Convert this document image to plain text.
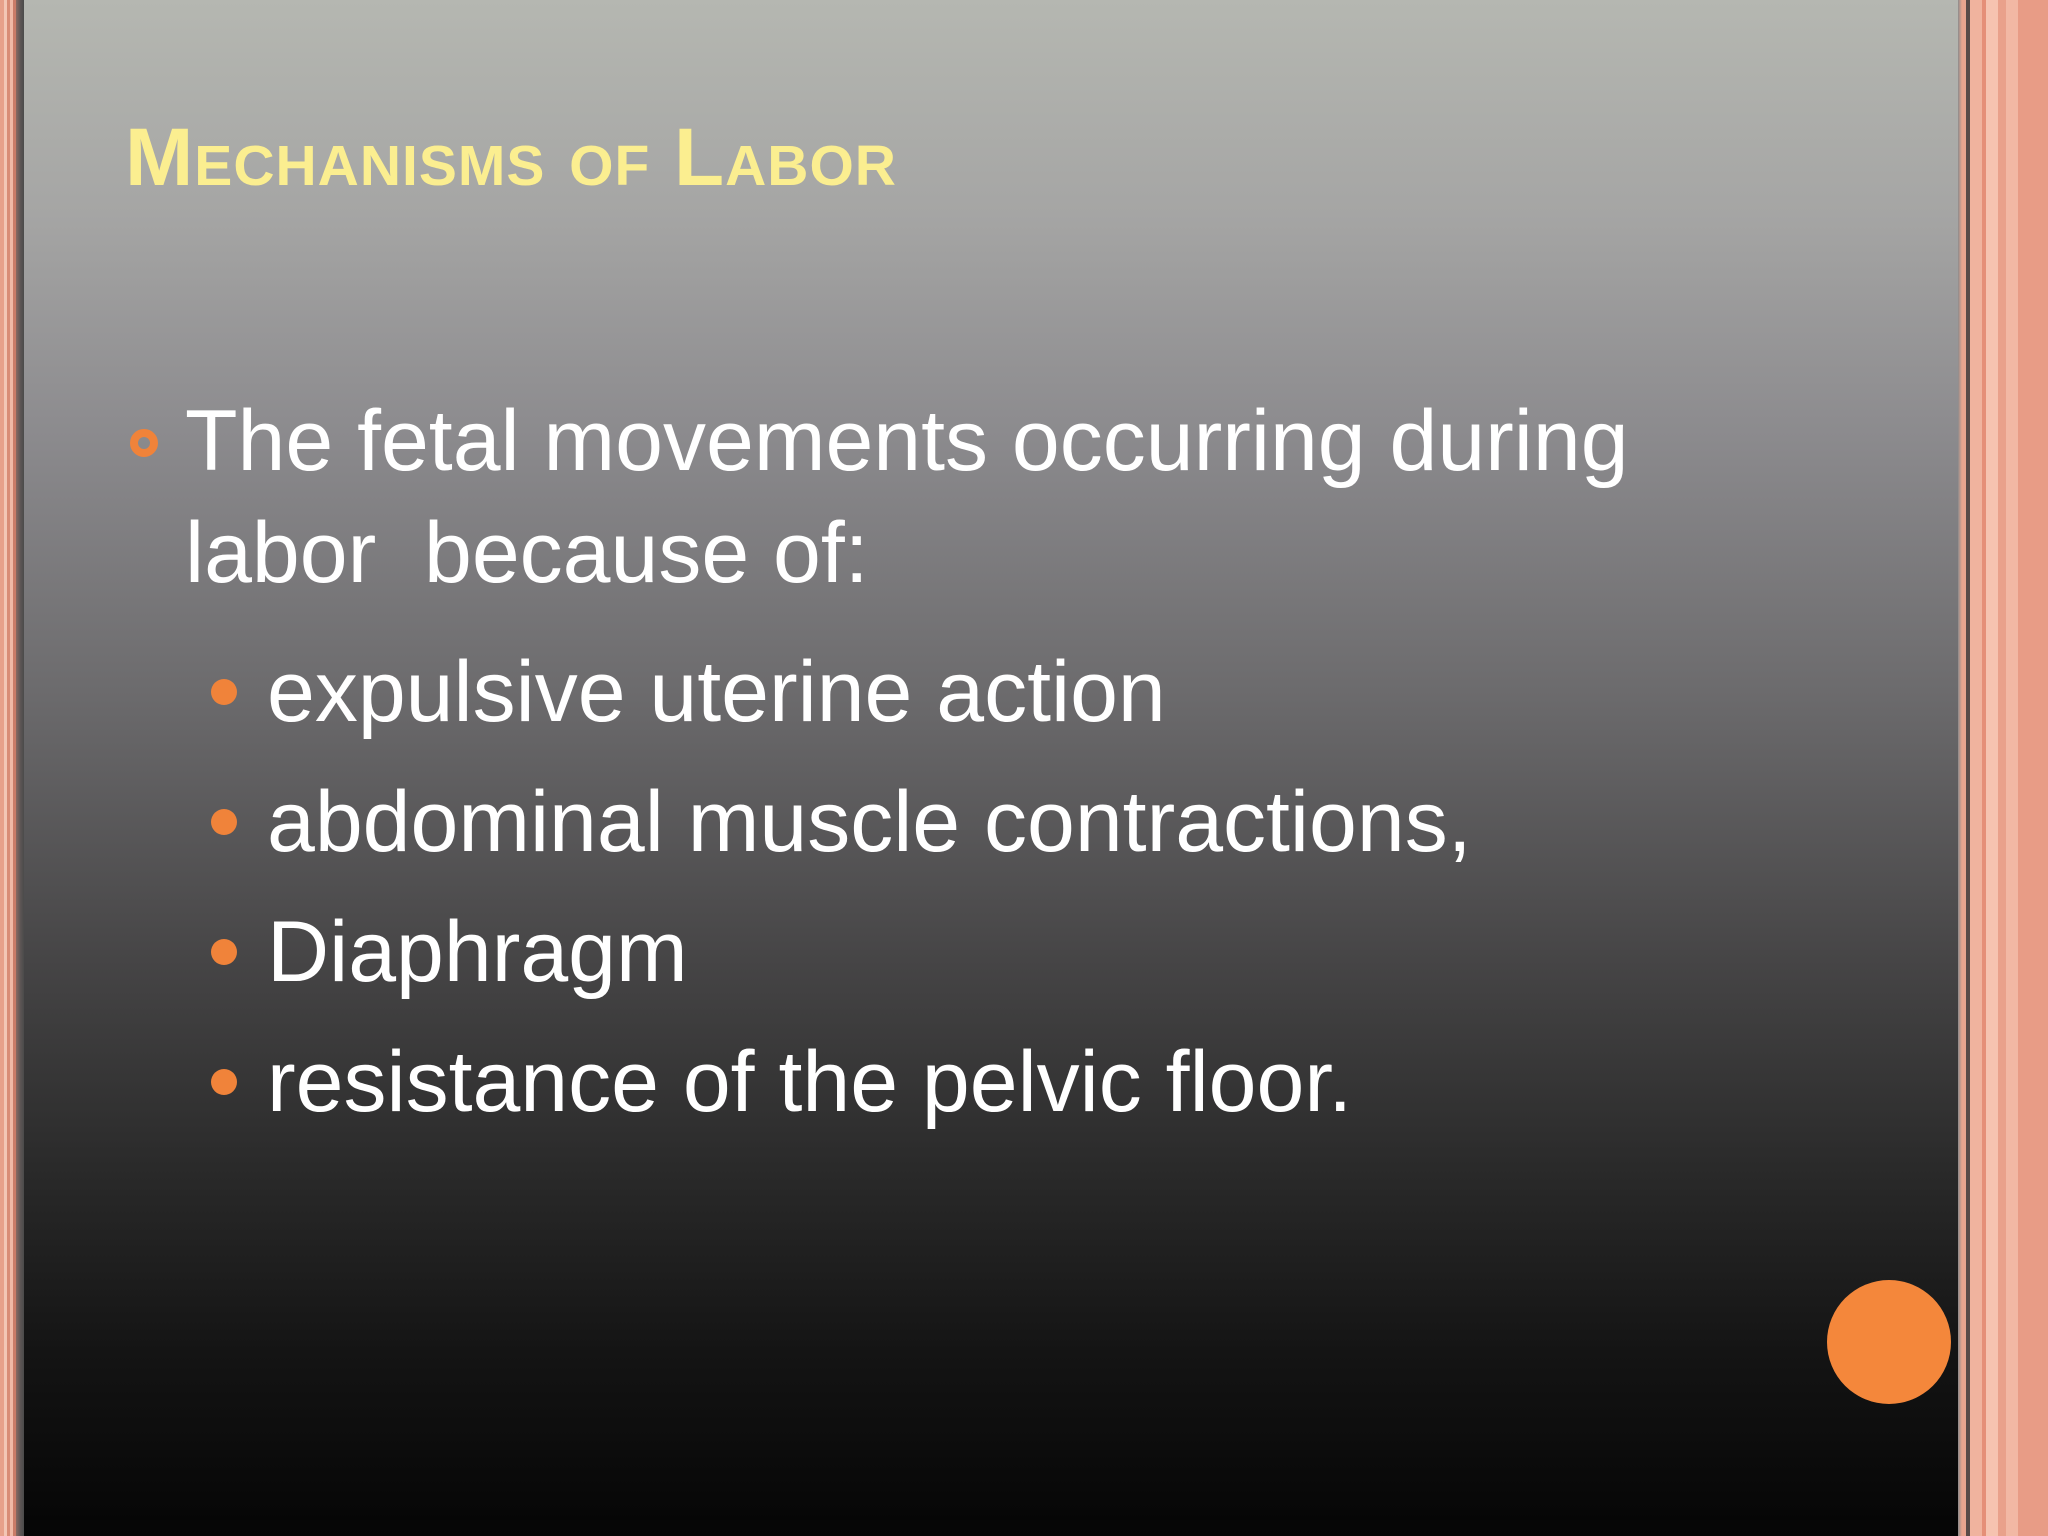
Mechanisms of Labor
The fetal movements occurring during
labor  because of:
expulsive uterine action
abdominal muscle contractions,
Diaphragm
resistance of the pelvic floor.
